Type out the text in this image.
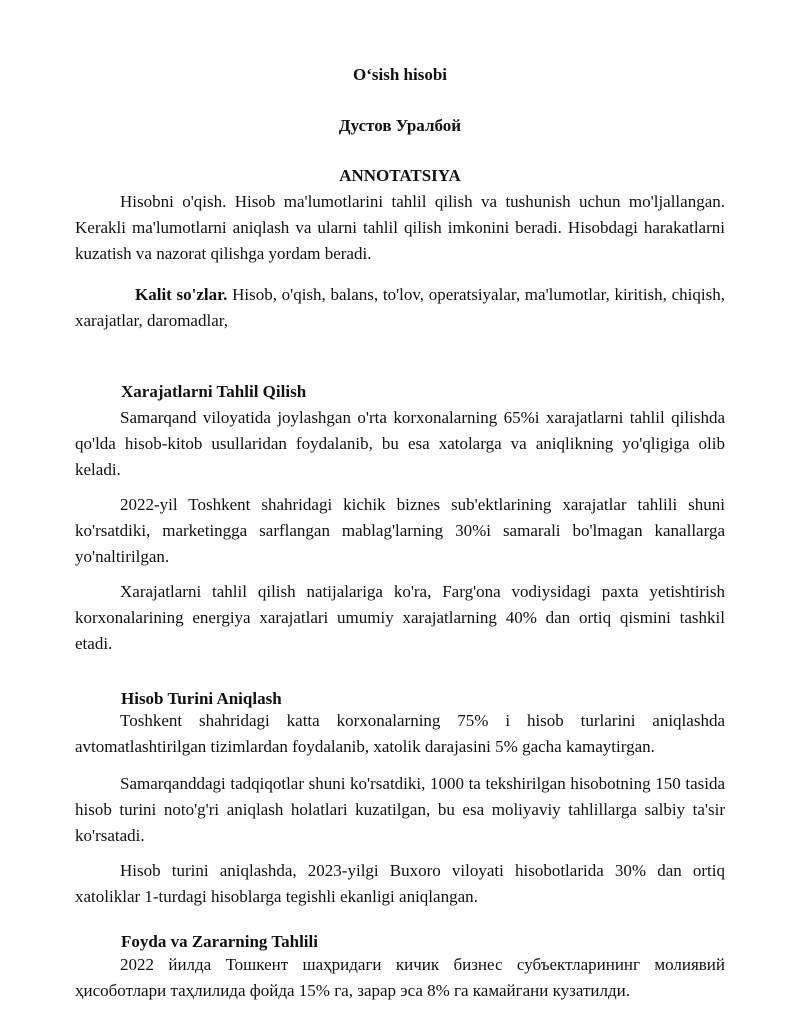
O‘sish hisobi
Дустов Уралбой
ANNOTATSIYA

Hisobni o'qish. Hisob ma'lumotlarini tahlil qilish va tushunish uchun mo'ljallangan. Kerakli ma'lumotlarni aniqlash va ularni tahlil qilish imkonini beradi. Hisobdagi harakatlarni kuzatish va nazorat qilishga yordam beradi.

Kalit so'zlar. Hisob, o'qish, balans, to'lov, operatsiyalar, ma'lumotlar, kiritish, chiqish, xarajatlar, daromadlar,

Xarajatlarni Tahlil Qilish

Samarqand viloyatida joylashgan o'rta korxonalarning 65%i xarajatlarni tahlil qilishda qo'lda hisob-kitob usullaridan foydalanib, bu esa xatolarga va aniqlikning yo'qligiga olib keladi.

2022-yil Toshkent shahridagi kichik biznes sub'ektlarining xarajatlar tahlili shuni ko'rsatdiki, marketingga sarflangan mablag'larning 30%i samarali bo'lmagan kanallarga yo'naltirilgan.

Xarajatlarni tahlil qilish natijalariga ko'ra, Farg'ona vodiysidagi paxta yetishtirish korxonalarining energiya xarajatlari umumiy xarajatlarning 40% dan ortiq qismini tashkil etadi.

Hisob Turini Aniqlash

Toshkent shahridagi katta korxonalarning 75% i hisob turlarini aniqlashda avtomatlashtirilgan tizimlardan foydalanib, xatolik darajasini 5% gacha kamaytirgan.

Samarqanddagi tadqiqotlar shuni ko'rsatdiki, 1000 ta tekshirilgan hisobotning 150 tasida hisob turini noto'g'ri aniqlash holatlari kuzatilgan, bu esa moliyaviy tahlillarga salbiy ta'sir ko'rsatadi.

Hisob turini aniqlashda, 2023-yilgi Buxoro viloyati hisobotlarida 30% dan ortiq xatoliklar 1-turdagi hisoblarga tegishli ekanligi aniqlangan.

Foyda va Zararning Tahlili

2022 йилда Тошкент шаҳридаги кичик бизнес субъектларининг молиявий ҳисоботлари таҳлилида фойда 15% га, зарар эса 8% га камайгани кузатилди.
